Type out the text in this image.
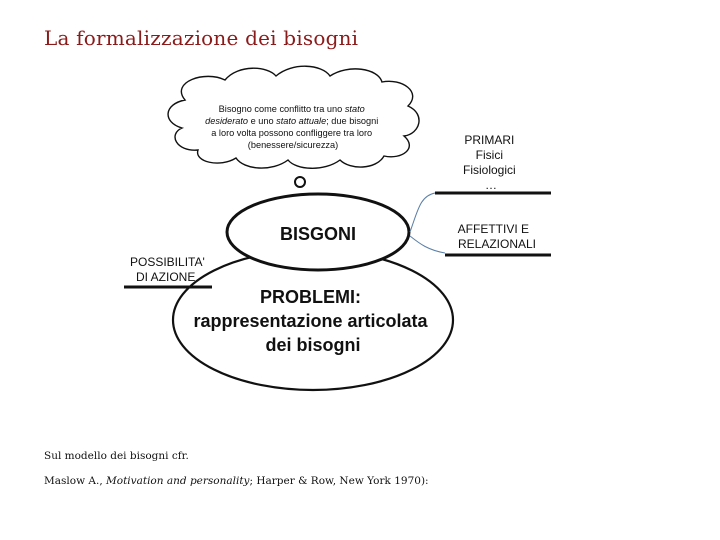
La formalizzazione dei bisogni
Bisogno come conflitto tra uno stato desiderato e uno stato attuale; due bisogni a loro volta possono confliggere tra loro (benessere/sicurezza)
PROBLEMI: rappresentazione articolata dei bisogni
BISGONI
POSSIBILITA' DI AZIONE
PRIMARI Fisici Fisiologici …
AFFETTIVI E RELAZIONALI
Sul modello dei bisogni cfr.
Maslow A., Motivation and personality; Harper & Row, New York 1970):
